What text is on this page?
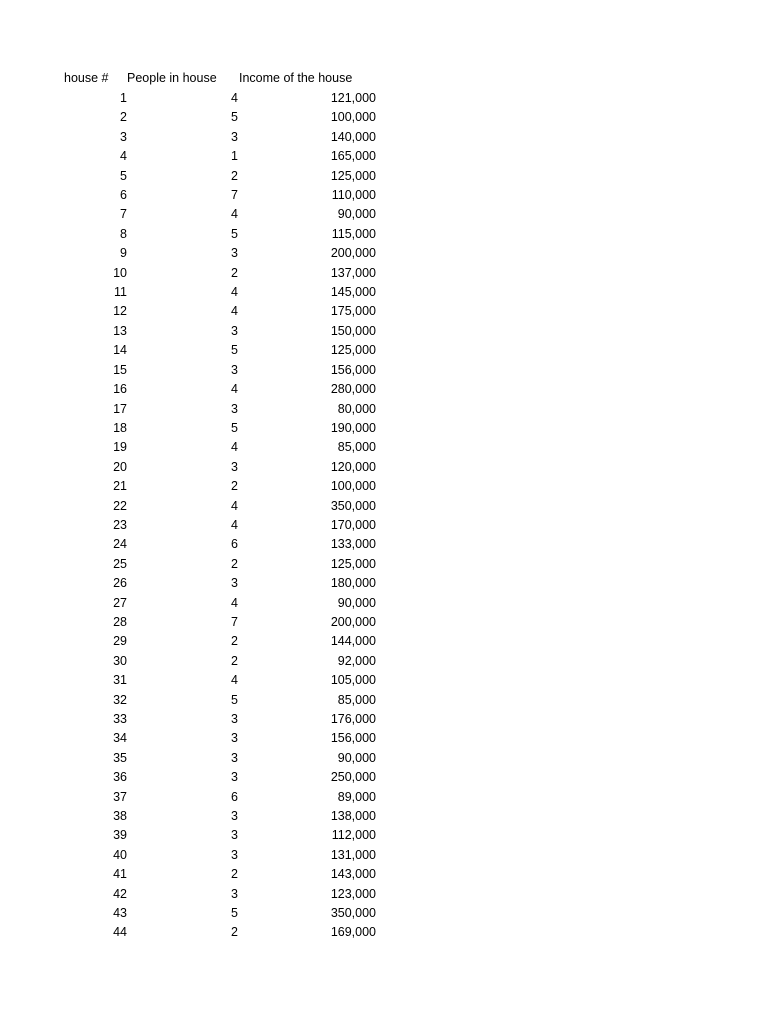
house #	People in house	Income of the house
1	4	121,000
2	5	100,000
3	3	140,000
4	1	165,000
5	2	125,000
6	7	110,000
7	4	90,000
8	5	115,000
9	3	200,000
10	2	137,000
11	4	145,000
12	4	175,000
13	3	150,000
14	5	125,000
15	3	156,000
16	4	280,000
17	3	80,000
18	5	190,000
19	4	85,000
20	3	120,000
21	2	100,000
22	4	350,000
23	4	170,000
24	6	133,000
25	2	125,000
26	3	180,000
27	4	90,000
28	7	200,000
29	2	144,000
30	2	92,000
31	4	105,000
32	5	85,000
33	3	176,000
34	3	156,000
35	3	90,000
36	3	250,000
37	6	89,000
38	3	138,000
39	3	112,000
40	3	131,000
41	2	143,000
42	3	123,000
43	5	350,000
44	2	169,000
